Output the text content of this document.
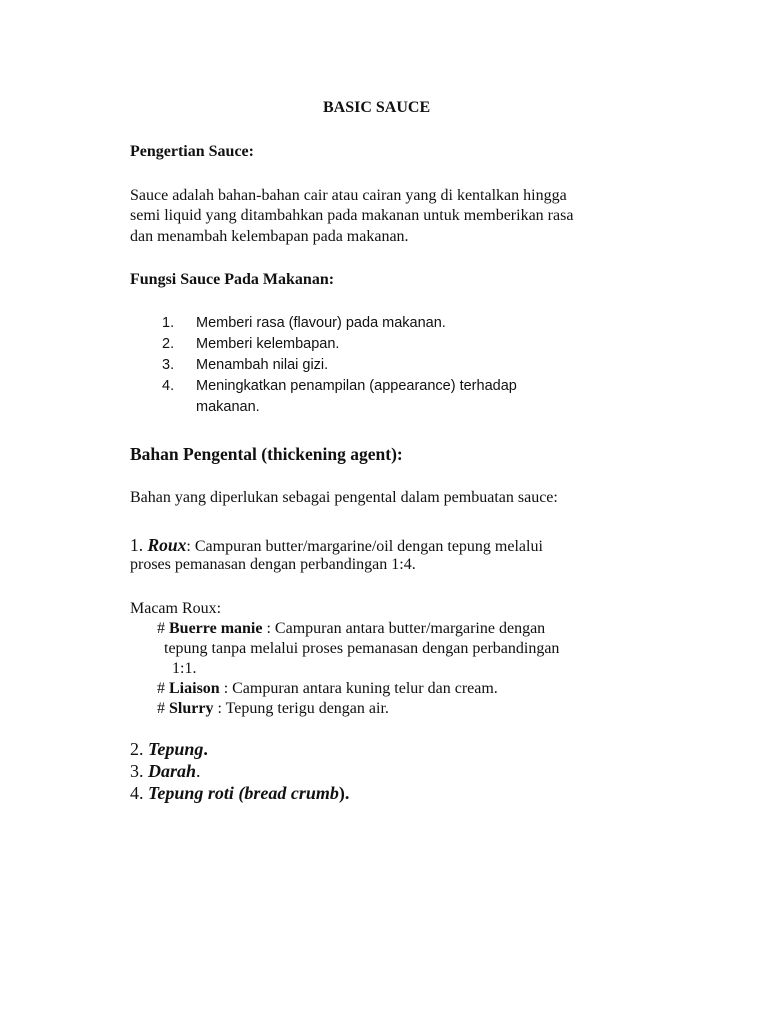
BASIC SAUCE
Pengertian Sauce:
Sauce adalah bahan-bahan cair atau cairan yang di kentalkan hingga
semi liquid yang ditambahkan pada makanan untuk memberikan rasa
dan menambah kelembapan pada makanan.
Fungsi Sauce Pada Makanan:
1. Memberi rasa (flavour) pada makanan.
2. Memberi kelembapan.
3. Menambah nilai gizi.
4. Meningkatkan penampilan (appearance) terhadap
makanan.
Bahan Pengental (thickening agent):
Bahan yang diperlukan sebagai pengental dalam pembuatan sauce:
1. Roux: Campuran butter/margarine/oil dengan tepung melalui
proses pemanasan dengan perbandingan 1:4.
Macam Roux:
# Buerre manie : Campuran antara butter/margarine dengan
tepung tanpa melalui proses pemanasan dengan perbandingan
1:1.
# Liaison : Campuran antara kuning telur dan cream.
# Slurry : Tepung terigu dengan air.
2. Tepung.
3. Darah.
4. Tepung roti (bread crumb).
